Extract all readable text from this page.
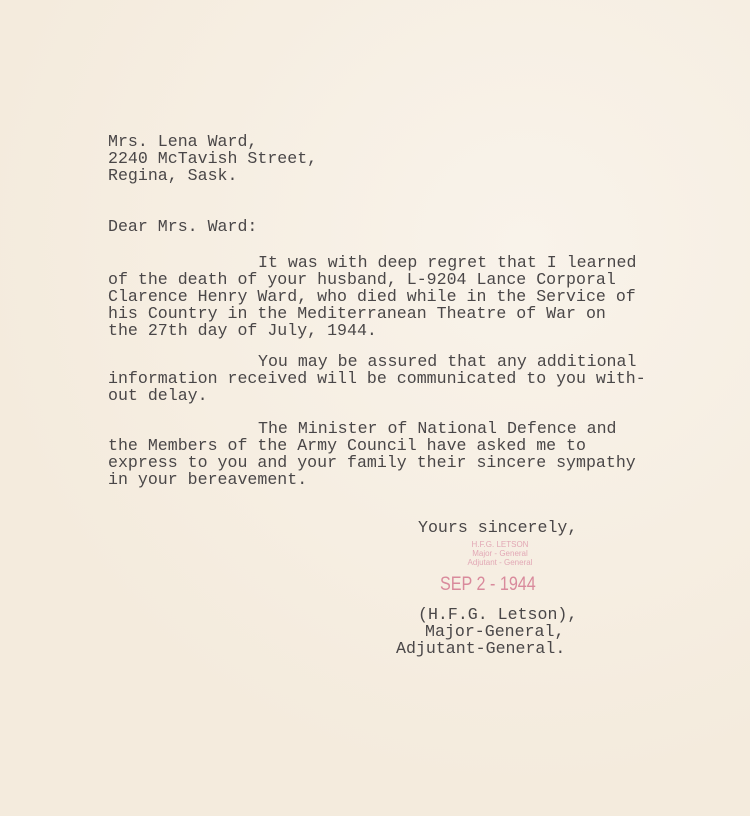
Mrs. Lena Ward,
2240 McTavish Street,
Regina, Sask.
Dear Mrs. Ward:
It was with deep regret that I learned
of the death of your husband, L-9204 Lance Corporal
Clarence Henry Ward, who died while in the Service of
his Country in the Mediterranean Theatre of War on
the 27th day of July, 1944.
You may be assured that any additional
information received will be communicated to you with-
out delay.
The Minister of National Defence and
the Members of the Army Council have asked me to
express to you and your family their sincere sympathy
in your bereavement.
Yours sincerely,
H.F.G. LETSON
Major - General
Adjutant - General
SEP 2 - 1944
(H.F.G. Letson),
Major-General,
Adjutant-General.
